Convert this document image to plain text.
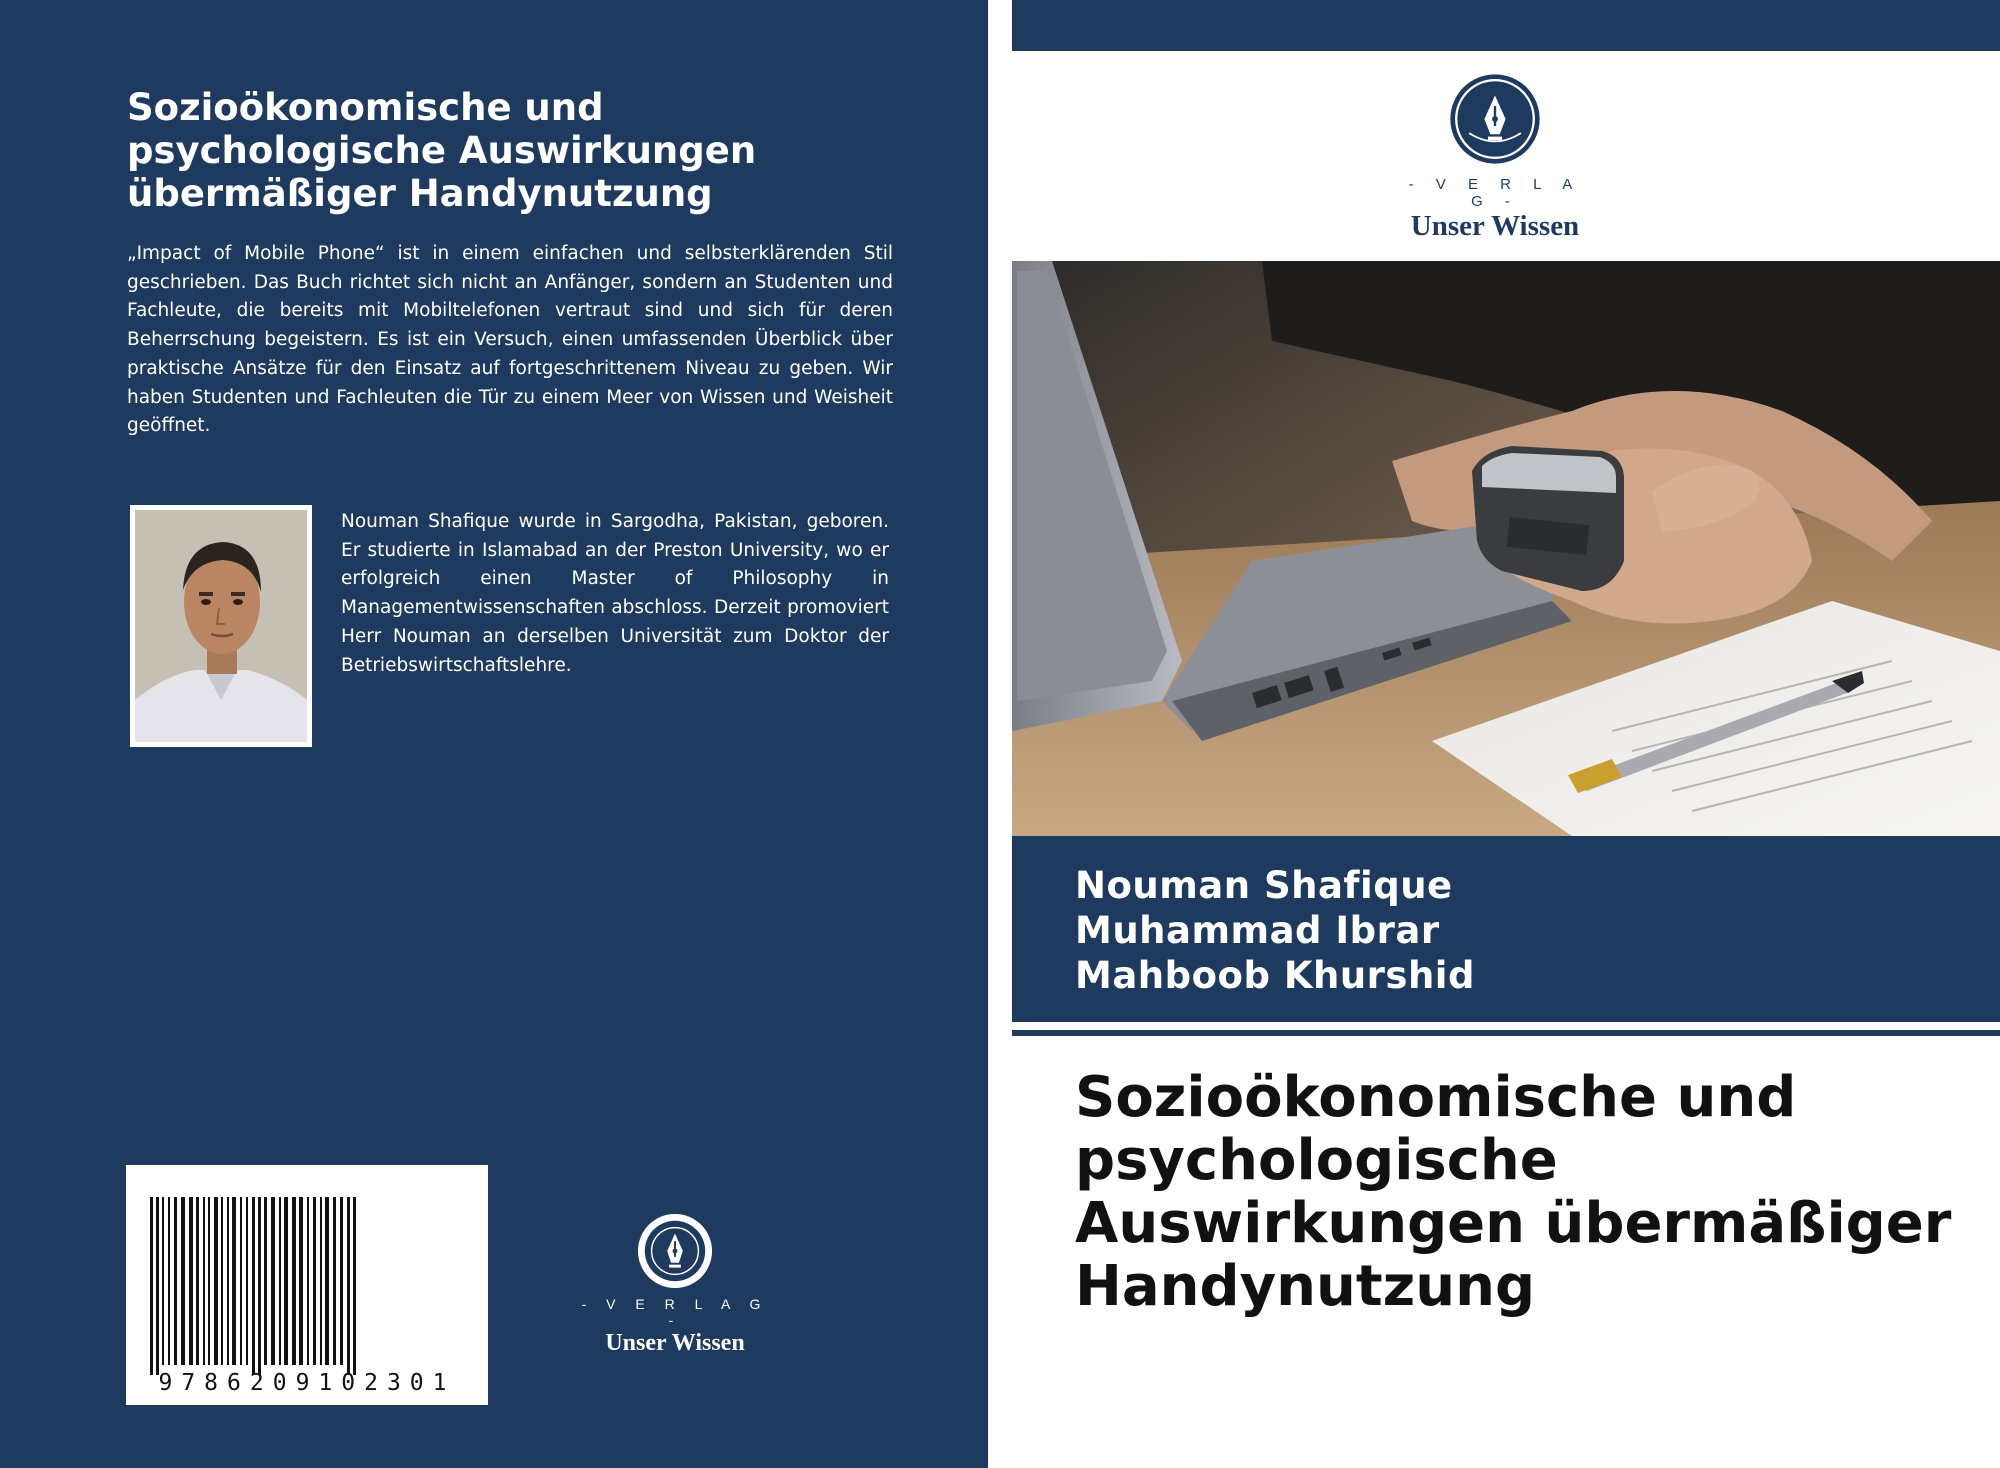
Sozioökonomische und psychologische Auswirkungen übermäßiger Handynutzung
„Impact of Mobile Phone“ ist in einem einfachen und selbsterklärenden Stil geschrieben. Das Buch richtet sich nicht an Anfänger, sondern an Studenten und Fachleute, die bereits mit Mobiltelefonen vertraut sind und sich für deren Beherrschung begeistern. Es ist ein Versuch, einen umfassenden Überblick über praktische Ansätze für den Einsatz auf fortgeschrittenem Niveau zu geben. Wir haben Studenten und Fachleuten die Tür zu einem Meer von Wissen und Weisheit geöffnet.
Nouman Shafique wurde in Sargodha, Pakistan, geboren. Er studierte in Islamabad an der Preston University, wo er erfolgreich einen Master of Philosophy in Managementwissenschaften abschloss. Derzeit promoviert Herr Nouman an derselben Universität zum Doktor der Betriebswirtschaftslehre.
9786209102301
- V E R L A G -
Unser Wissen
- V E R L A G -
Unser Wissen
Nouman Shafique
Muhammad Ibrar
Mahboob Khurshid
Sozioökonomische und psychologische Auswirkungen übermäßiger Handynutzung
